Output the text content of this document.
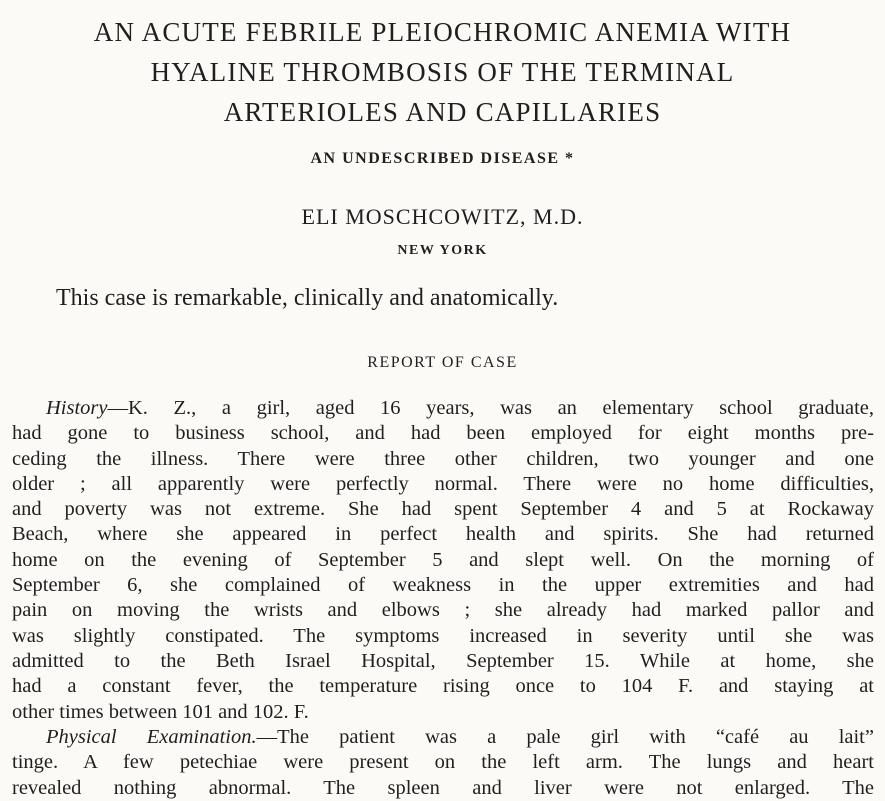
AN ACUTE FEBRILE PLEIOCHROMIC ANEMIA WITH
HYALINE THROMBOSIS OF THE TERMINAL
ARTERIOLES AND CAPILLARIES
AN UNDESCRIBED DISEASE *
ELI MOSCHCOWITZ, M.D.
NEW YORK
This case is remarkable, clinically and anatomically.
REPORT OF CASE
History—K. Z., a girl, aged 16 years, was an elementary school graduate,
had gone to business school, and had been employed for eight months pre-
ceding the illness. There were three other children, two younger and one
older ; all apparently were perfectly normal. There were no home difficulties,
and poverty was not extreme. She had spent September 4 and 5 at Rockaway
Beach, where she appeared in perfect health and spirits. She had returned
home on the evening of September 5 and slept well. On the morning of
September 6, she complained of weakness in the upper extremities and had
pain on moving the wrists and elbows ; she already had marked pallor and
was slightly constipated. The symptoms increased in severity until she was
admitted to the Beth Israel Hospital, September 15. While at home, she
had a constant fever, the temperature rising once to 104 F. and staying at
other times between 101 and 102. F.
Physical Examination.—The patient was a pale girl with “café au lait”
tinge. A few petechiae were present on the left arm. The lungs and heart
revealed nothing abnormal. The spleen and liver were not enlarged. The
